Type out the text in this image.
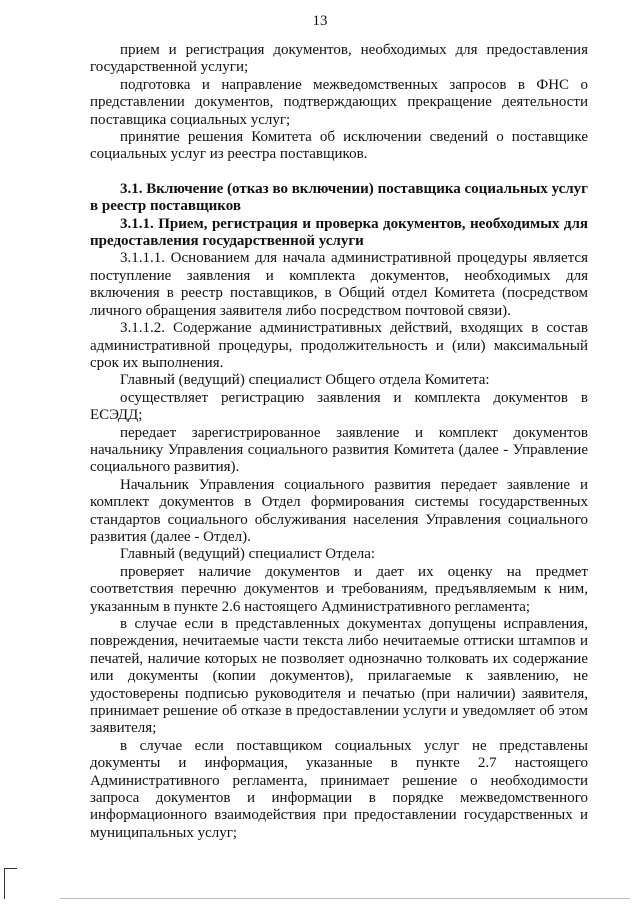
13

прием и регистрация документов, необходимых для предоставления государственной услуги;

подготовка и направление межведомственных запросов в ФНС о представлении документов, подтверждающих прекращение деятельности поставщика социальных услуг;

принятие решения Комитета об исключении сведений о поставщике социальных услуг из реестра поставщиков.

3.1. Включение (отказ во включении) поставщика социальных услуг в реестр поставщиков

3.1.1. Прием, регистрация и проверка документов, необходимых для предоставления государственной услуги

3.1.1.1. Основанием для начала административной процедуры является поступление заявления и комплекта документов, необходимых для включения в реестр поставщиков, в Общий отдел Комитета (посредством личного обращения заявителя либо посредством почтовой связи).

3.1.1.2. Содержание административных действий, входящих в состав административной процедуры, продолжительность и (или) максимальный срок их выполнения.

Главный (ведущий) специалист Общего отдела Комитета:

осуществляет регистрацию заявления и комплекта документов в ЕСЭДД;

передает зарегистрированное заявление и комплект документов начальнику Управления социального развития Комитета (далее - Управление социального развития).

Начальник Управления социального развития передает заявление и комплект документов в Отдел формирования системы государственных стандартов социального обслуживания населения Управления социального развития (далее - Отдел).

Главный (ведущий) специалист Отдела:

проверяет наличие документов и дает их оценку на предмет соответствия перечню документов и требованиям, предъявляемым к ним, указанным в пункте 2.6 настоящего Административного регламента;

в случае если в представленных документах допущены исправления, повреждения, нечитаемые части текста либо нечитаемые оттиски штампов и печатей, наличие которых не позволяет однозначно толковать их содержание или документы (копии документов), прилагаемые к заявлению, не удостоверены подписью руководителя и печатью (при наличии) заявителя, принимает решение об отказе в предоставлении услуги и уведомляет об этом заявителя;

в случае если поставщиком социальных услуг не представлены документы и информация, указанные в пункте 2.7 настоящего Административного регламента, принимает решение о необходимости запроса документов и информации в порядке межведомственного информационного взаимодействия при предоставлении государственных и муниципальных услуг;
